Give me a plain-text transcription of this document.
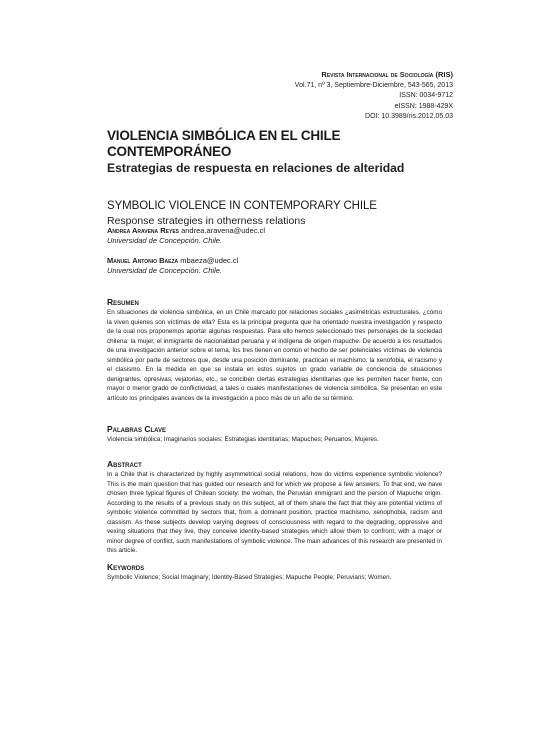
Revista Internacional de Sociología (RIS)
Vol.71, nº 3, Septiembre-Diciembre, 543-565, 2013
ISSN: 0034-9712
eISSN: 1988-429X
DOI: 10.3989/ris.2012.05.03

VIOLENCIA SIMBÓLICA EN EL CHILE CONTEMPORÁNEO

Estrategias de respuesta en relaciones de alteridad

SYMBOLIC VIOLENCE IN CONTEMPORARY CHILE

Response strategies in otherness relations

Andrea Aravena Reyes andrea.aravena@udec.cl
Universidad de Concepción. Chile.
Manuel Antonio Baeza mbaeza@udec.cl
Universidad de Concepción. Chile.

Resumen

En situaciones de violencia simbólica, en un Chile marcado por relaciones sociales ¿asimétricas estructurales, ¿cómo la viven quienes son víctimas de ella? Esta es la principal pregunta que ha orientado nuestra investigación y respecto de la cual nos proponemos aportar algunas respuestas. Para ello hemos seleccionado tres personajes de la sociedad chilena: la mujer, el inmigrante de nacionalidad peruana y el indígena de origen mapuche. De acuerdo a los resultados de una investigación anterior sobre el tema, los tres tienen en común el hecho de ser potenciales víctimas de violencia simbólica por parte de sectores que, desde una posición dominante, practican el machismo, la xenofobia, el racismo y el clasismo. En la medida en que se instala en estos sujetos un grado variable de conciencia de situaciones denigrantes, opresivas, vejatorias, etc., se conciben ciertas estrategias identitarias que les permiten hacer frente, con mayor o menor grado de conflictividad, a tales o cuales manifestaciones de violencia simbólica. Se presentan en este artículo los principales avances de la investigación a poco más de un año de su término.

Palabras Clave

Violencia simbólica; Imaginarios sociales; Estrategias identitarias; Mapuches; Peruanos; Mujeres.

Abstract

In a Chile that is characterized by highly asymmetrical social relations, how do victims experience symbolic violence? This is the main question that has guided our research and for which we propose a few answers. To that end, we have chosen three typical figures of Chilean society: the woman, the Peruvian immigrant and the person of Mapuche origin. According to the results of a previous study on this subject, all of them share the fact that they are potential victims of symbolic violence committed by sectors that, from a dominant position, practice machismo, xenophobia, racism and classism. As these subjects develop varying degrees of consciousness with regard to the degrading, oppressive and vexing situations that they live, they conceive identity-based strategies which allow them to confront, with a major or minor degree of conflict, such manifestations of symbolic violence. The main advances of this research are presented in this article.

Keywords

Symbolic Violence; Social Imaginary; Identity-Based Strategies; Mapuche People; Peruvians; Women.
